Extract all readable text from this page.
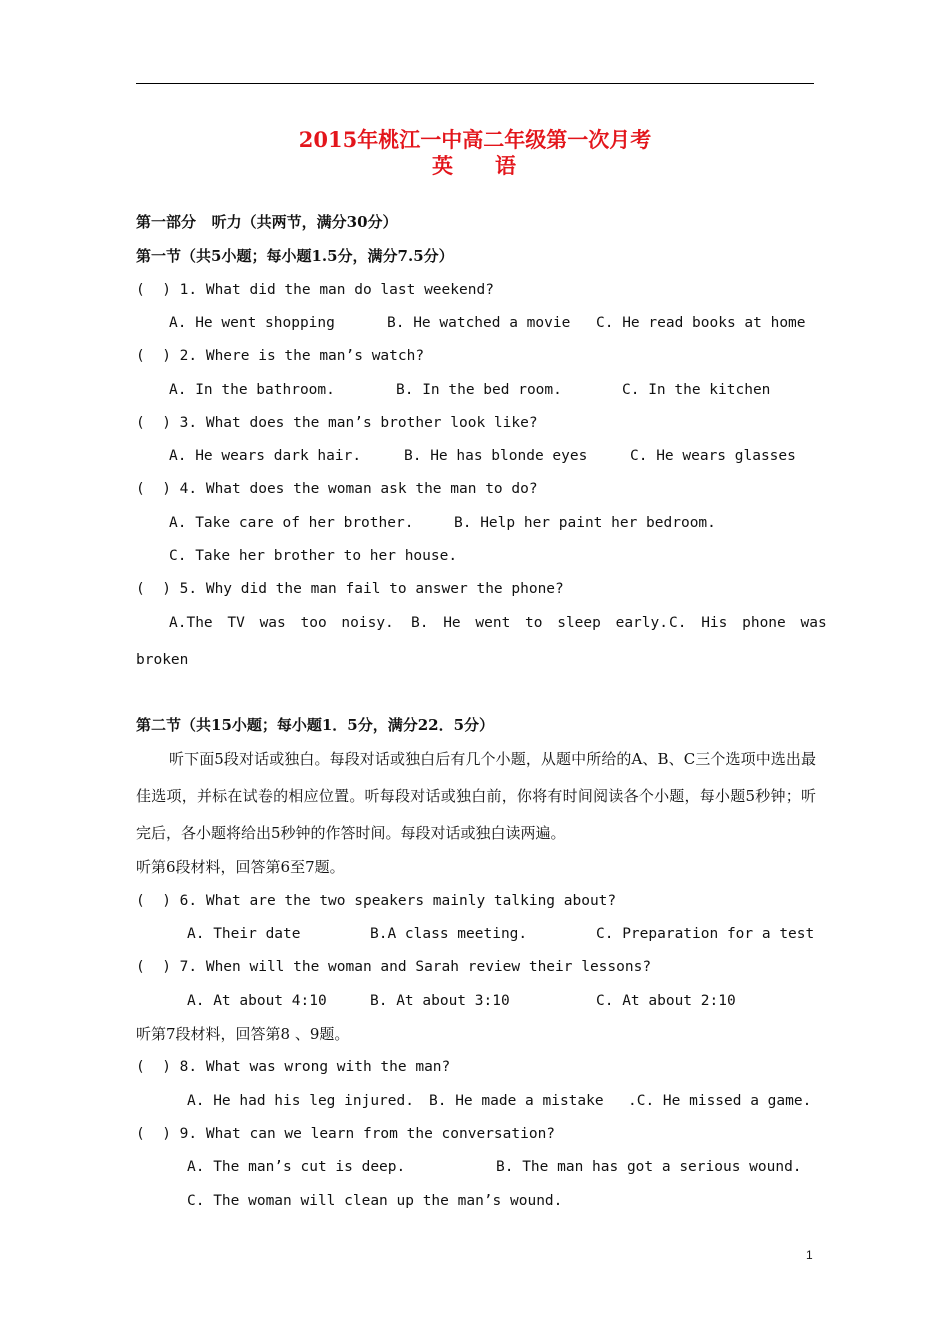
2015年桃江一中高二年级第一次月考
英 语
第一部分   听力（共两节，满分30分）
第一节（共5小题；每小题1.5分，满分7.5分）
(  ) 1. What did the man do last weekend?
A. He went shopping	B. He watched a movie C. He read books at home
(  ) 2. Where is the man’s watch?
A. In the bathroom.	B. In the bed room.	C. In the kitchen
(  ) 3. What does the man’s brother look like?
A. He wears dark hair.	B. He has blonde eyes	C. He wears glasses
(  ) 4. What does the woman ask the man to do?
A. Take care of her brother.	B. Help her paint her bedroom.
C. Take her brother to her house.
(  ) 5. Why did the man fail to answer the phone?
A.The TV was too noisy. B. He went to sleep early. C. His phone was
broken
第二节（共15小题；每小题1．5分，满分22．5分）
听下面5段对话或独白。每段对话或独白后有几个小题，从题中所给的A、B、C三个选项中选出最佳选项，并标在试卷的相应位置。听每段对话或独白前，你将有时间阅读各个小题，每小题5秒钟；听完后，各小题将给出5秒钟的作答时间。每段对话或独白读两遍。
听第6段材料，回答第6至7题。
(  ) 6. What are the two speakers mainly talking about?
A. Their date	B.A class meeting.	C. Preparation for a test
(  ) 7. When will the woman and Sarah review their lessons?
A. At about 4:10	B. At about 3:10	C. At about 2:10
听第7段材料，回答第8 、9题。
(  ) 8. What was wrong with the man?
A. He had his leg injured. B. He made a mistake .C. He missed a game.
(  ) 9. What can we learn from the conversation?
A. The man’s cut is deep.	B. The man has got a serious wound.
C. The woman will clean up the man’s wound.
1
